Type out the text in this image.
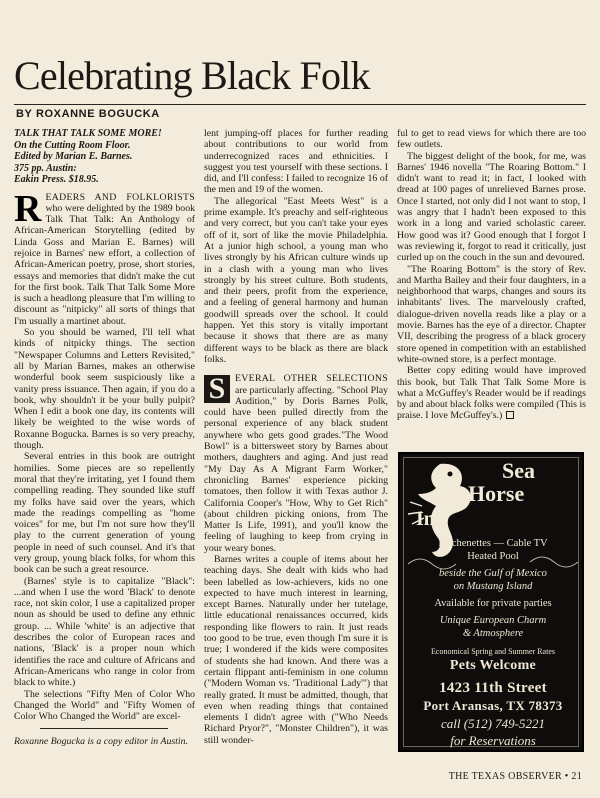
Celebrating Black Folk
BY ROXANNE BOGUCKA
TALK THAT TALK SOME MORE!
On the Cutting Room Floor.
Edited by Marian E. Barnes.
375 pp. Austin:
Eakin Press. $18.95.

READERS AND FOLKLORISTS who were delighted by the 1989 book Talk That Talk: An Anthology of African-American Storytelling (edited by Linda Goss and Marian E. Barnes) will rejoice in Barnes' new effort, a collection of African-American poetry, prose, short stories, essays and memories that didn't make the cut for the first book. Talk That Talk Some More is such a headlong pleasure that I'm willing to discount as "nitpicky" all sorts of things that I'm usually a martinet about.

So you should be warned, I'll tell what kinds of nitpicky things. The section "Newspaper Columns and Letters Revisited," all by Marian Barnes, makes an otherwise wonderful book seem suspiciously like a vanity press issuance. Then again, if you do a book, why shouldn't it be your bully pulpit? When I edit a book one day, its contents will likely be weighted to the wise words of Roxanne Bogucka. Barnes is so very preachy, though.

Several entries in this book are outright homilies. Some pieces are so repellently moral that they're irritating, yet I found them compelling reading. They sounded like stuff my folks have said over the years, which made the readings compelling as "home voices" for me, but I'm not sure how they'll play to the current generation of young people in need of such counsel. And it's that very group, young black folks, for whom this book can be such a great resource.

(Barnes' style is to capitalize "Black": ...and when I use the word 'Black' to denote race, not skin color, I use a capitalized proper noun as should be used to define any ethnic group. ... While 'white' is an adjective that describes the color of European races and nations, 'Black' is a proper noun which identifies the race and culture of Africans and African-Americans who range in color from black to white.)

The selections "Fifty Men of Color Who Changed the World" and "Fifty Women of Color Who Changed the World" are excel-

lent jumping-off places for further reading about contributions to our world from underrecognized races and ethnicities. I suggest you test yourself with these sections. I did, and I'll confess: I failed to recognize 16 of the men and 19 of the women.

The allegorical "East Meets West" is a prime example. It's preachy and self-righteous and very correct, but you can't take your eyes off of it, sort of like the movie Philadelphia. At a junior high school, a young man who lives strongly by his African culture winds up in a clash with a young man who lives strongly by his street culture. Both students, and their peers, profit from the experience, and a feeling of general harmony and human goodwill spreads over the school. It could happen. Yet this story is vitally important because it shows that there are as many different ways to be black as there are black folks.

S EVERAL OTHER SELECTIONS are particularly affecting. "School Play Audition," by Doris Barnes Polk, could have been pulled directly from the personal experience of any black student anywhere who gets good grades."The Wood Bowl" is a bittersweet story by Barnes about mothers, daughters and aging. And just read "My Day As A Migrant Farm Worker," chronicling Barnes' experience picking tomatoes, then follow it with Texas author J. California Cooper's "How, Why to Get Rich" (about children picking onions, from The Matter Is Life, 1991), and you'll know the feeling of laughing to keep from crying in your weary bones.

Barnes writes a couple of items about her teaching days. She dealt with kids who had been labelled as low-achievers, kids no one expected to have much interest in learning, except Barnes. Naturally under her tutelage, little educational renaissances occurred, kids responding like flowers to rain. It just reads too good to be true, even though I'm sure it is true; I wondered if the kids were composites of students she had known. And there was a certain flippant anti-feminism in one column ("Modern Woman vs. 'Traditional Lady'") that really grated. It must be admitted, though, that even when reading things that contained elements I didn't agree with ("Who Needs Richard Pryor?", "Monster Children"), it was still wonder-

ful to get to read views for which there are too few outlets.

The biggest delight of the book, for me, was Barnes' 1946 novella "The Roaring Bottom." I didn't want to read it; in fact, I looked with dread at 100 pages of unrelieved Barnes prose. Once I started, not only did I not want to stop, I was angry that I hadn't been exposed to this work in a long and varied scholastic career. How good was it? Good enough that I forgot I was reviewing it, forgot to read it critically, just curled up on the couch in the sun and devoured.

"The Roaring Bottom" is the story of Rev. and Martha Bailey and their four daughters, in a neighborhood that warps, changes and sours its inhabitants' lives. The marvelously crafted, dialogue-driven novella reads like a play or a movie. Barnes has the eye of a director. Chapter VII, describing the progress of a black grocery store opened in competition with an established white-owned store, is a perfect montage.

Better copy editing would have improved this book, but Talk That Talk Some More is what a McGuffey's Reader would be if readings by and about black folks were compiled (This is praise. I love McGuffey's.)

Roxanne Bogucka is a copy editor in Austin.
Sea
Horse
Inn
Kitchenettes — Cable TV
Heated Pool
beside the Gulf of Mexico
on Mustang Island
Available for private parties
Unique European Charm
& Atmosphere
Economical Spring and Summer Rates
Pets Welcome
1423 11th Street
Port Aransas, TX 78373
call (512) 749-5221
for Reservations
THE TEXAS OBSERVER • 21
